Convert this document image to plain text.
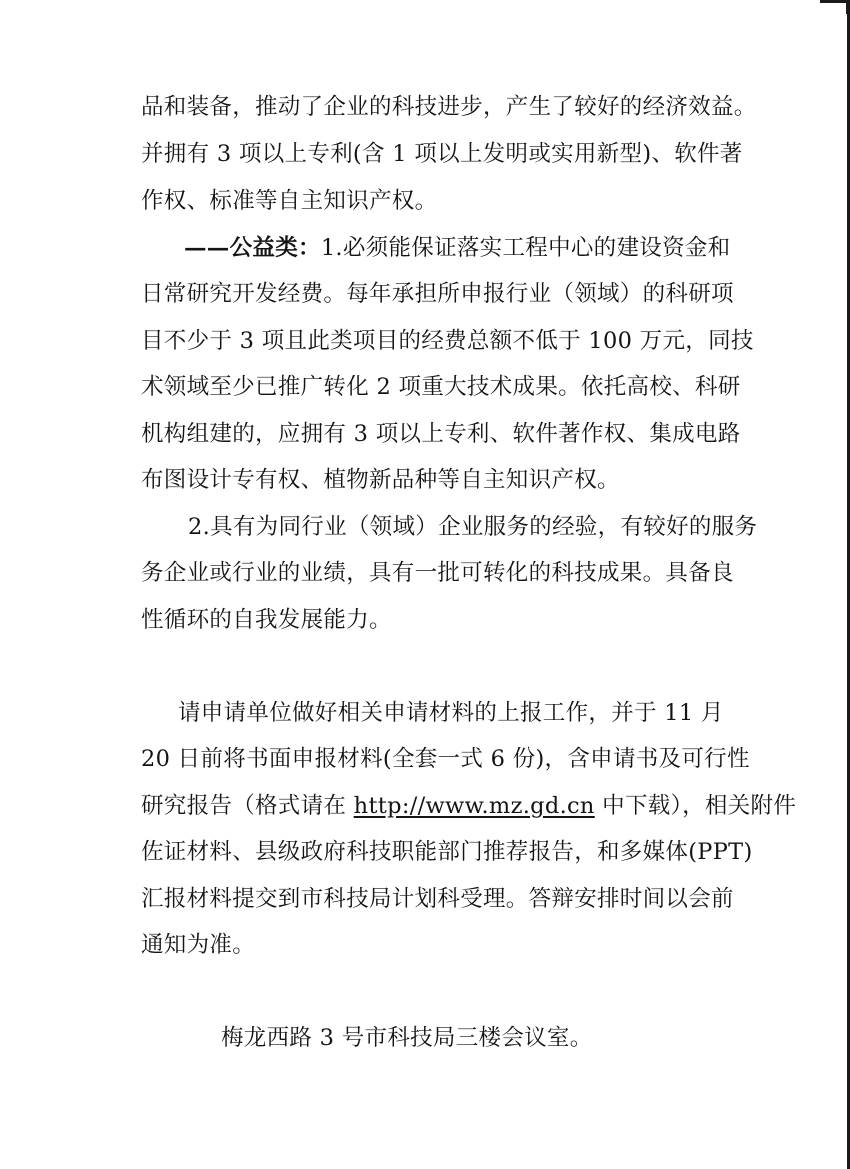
品和装备，推动了企业的科技进步，产生了较好的经济效益。
并拥有 3 项以上专利(含 1 项以上发明或实用新型)、软件著
作权、标准等自主知识产权。
——公益类：1.必须能保证落实工程中心的建设资金和
日常研究开发经费。每年承担所申报行业（领域）的科研项
目不少于 3 项且此类项目的经费总额不低于 100 万元，同技
术领域至少已推广转化 2 项重大技术成果。依托高校、科研
机构组建的，应拥有 3 项以上专利、软件著作权、集成电路
布图设计专有权、植物新品种等自主知识产权。
2.具有为同行业（领域）企业服务的经验，有较好的服务
务企业或行业的业绩，具有一批可转化的科技成果。具备良
性循环的自我发展能力。
请申请单位做好相关申请材料的上报工作，并于 11 月
20 日前将书面申报材料(全套一式 6 份)，含申请书及可行性
研究报告（格式请在 http://www.mz.gd.cn 中下载），相关附件
佐证材料、县级政府科技职能部门推荐报告，和多媒体(PPT)
汇报材料提交到市科技局计划科受理。答辩安排时间以会前
通知为准。
梅龙西路 3 号市科技局三楼会议室。
